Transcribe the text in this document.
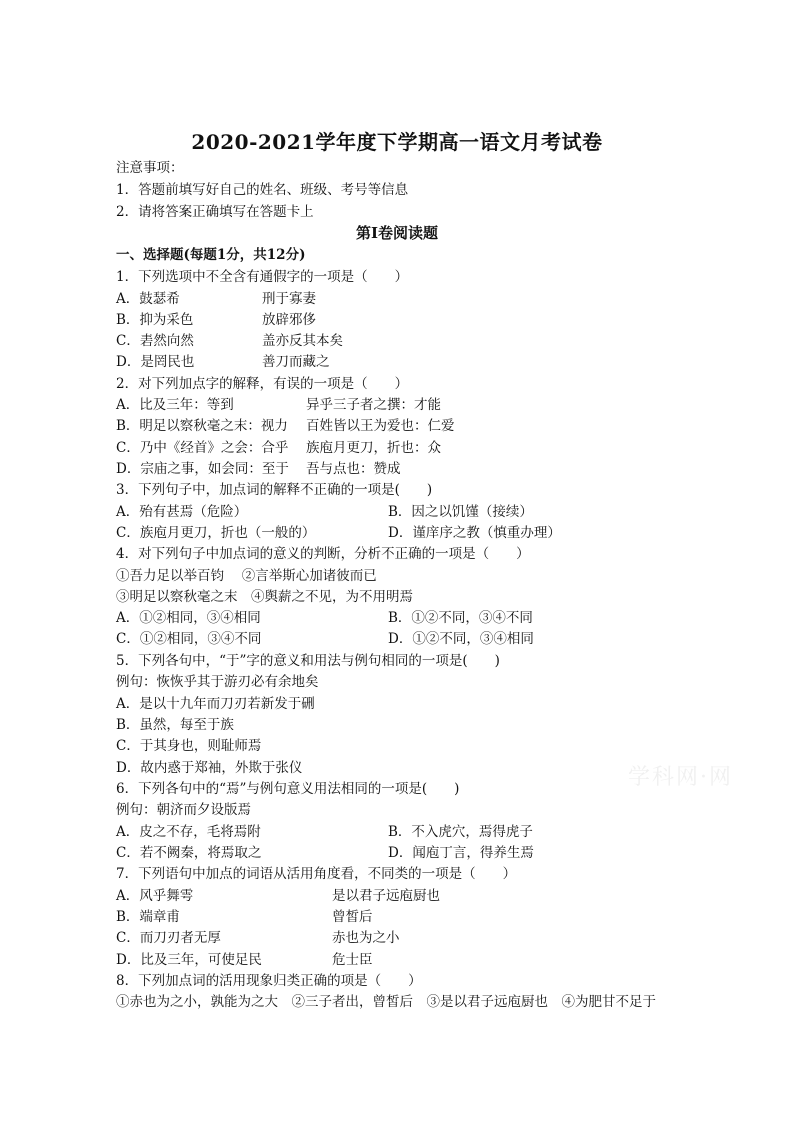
2020-2021学年度下学期高一语文月考试卷
注意事项：
1．答题前填写好自己的姓名、班级、考号等信息
2．请将答案正确填写在答题卡上
第Ⅰ卷阅读题
一、选择题(每题1分，共12分)
1．下列选项中不全含有通假字的一项是（　　）
A．鼓瑟希	刑于寡妻
B．抑为采色	放辟邪侈
C．砉然向然	盖亦反其本矣
D．是罔民也	善刀而藏之
2．对下列加点字的解释，有误的一项是（　　）
A．比及三年：等到	异乎三子者之撰：才能
B．明足以察秋毫之末：视力 百姓皆以王为爱也：仁爱
C．乃中《经首》之会：合乎 族庖月更刀，折也：众
D．宗庙之事，如会同：至于 吾与点也：赞成
3．下列句子中，加点词的解释不正确的一项是(　　)
A．殆有甚焉（危险）	B．因之以饥馑（接续）
C．族庖月更刀，折也（一般的）	D．谨庠序之教（慎重办理）
4．对下列句子中加点词的意义的判断，分析不正确的一项是（　　）
①吾力足以举百钧　 ②言举斯心加诸彼而已
③明足以察秋毫之末　④舆薪之不见，为不用明焉
A．①②相同，③④相同	B．①②不同，③④不同
C．①②相同，③④不同	D．①②不同，③④相同
5．下列各句中，“于”字的意义和用法与例句相同的一项是(　　)
例句：恢恢乎其于游刃必有余地矣
A．是以十九年而刀刃若新发于硎
B．虽然，每至于族
C．于其身也，则耻师焉
D．故内惑于郑袖，外欺于张仪
6．下列各句中的“焉”与例句意义用法相同的一项是(　　)
例句：朝济而夕设版焉
A．皮之不存，毛将焉附	B．不入虎穴，焉得虎子
C．若不阙秦，将焉取之	D．闻庖丁言，得养生焉
7．下列语句中加点的词语从活用角度看，不同类的一项是（　　）
A．风乎舞雩	是以君子远庖厨也
B．端章甫	曾皙后
C．而刀刃者无厚	赤也为之小
D．比及三年，可使足民	危士臣
8．下列加点词的活用现象归类正确的项是（　　）
①赤也为之小，孰能为之大　②三子者出，曾皙后　③是以君子远庖厨也　④为肥甘不足于
学科网·网
